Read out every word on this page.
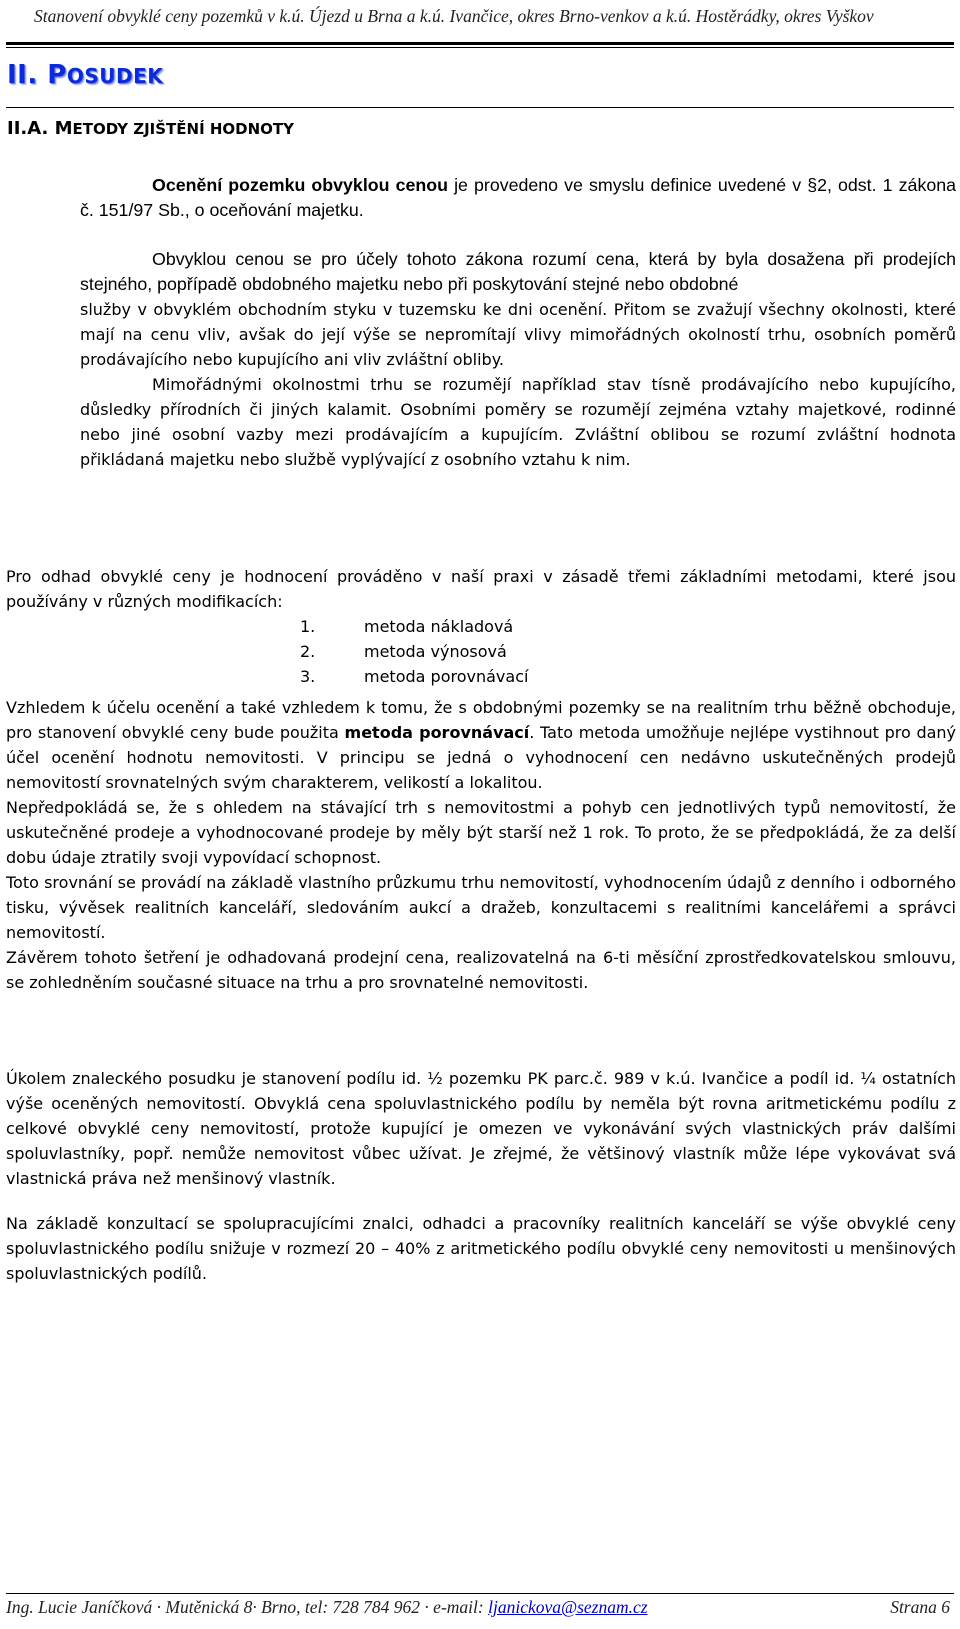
Stanovení obvyklé ceny pozemků v k.ú. Újezd u Brna a k.ú. Ivančice, okres Brno-venkov a k.ú. Hostěrádky, okres Vyškov
II. POSUDEK
II.A. METODY ZJIŠTĚNÍ HODNOTY

Ocenění pozemku obvyklou cenou je provedeno ve smyslu definice uvedené v §2, odst. 1 zákona č. 151/97 Sb., o oceňování majetku.

Obvyklou cenou se pro účely tohoto zákona rozumí cena, která by byla dosažena při prodejích stejného, popřípadě obdobného majetku nebo při poskytování stejné nebo obdobné

služby v obvyklém obchodním styku v tuzemsku ke dni ocenění. Přitom se zvažují všechny okolnosti, které mají na cenu vliv, avšak do její výše se nepromítají vlivy mimořádných okolností trhu, osobních poměrů prodávajícího nebo kupujícího ani vliv zvláštní obliby.

Mimořádnými okolnostmi trhu se rozumějí například stav tísně prodávajícího nebo kupujícího, důsledky přírodních či jiných kalamit. Osobními poměry se rozumějí zejména vztahy majetkové, rodinné nebo jiné osobní vazby mezi prodávajícím a kupujícím. Zvláštní oblibou se rozumí zvláštní hodnota přikládaná majetku nebo službě vyplývající z osobního vztahu k nim.

Pro odhad obvyklé ceny je hodnocení prováděno v naší praxi v zásadě třemi základními metodami, které jsou používány v různých modifikacích:

1.	metoda nákladová
2.	metoda výnosová
3.	metoda porovnávací

Vzhledem k účelu ocenění a také vzhledem k tomu, že s obdobnými pozemky se na realitním trhu běžně obchoduje, pro stanovení obvyklé ceny bude použita metoda porovnávací. Tato metoda umožňuje nejlépe vystihnout pro daný účel ocenění hodnotu nemovitosti. V principu se jedná o vyhodnocení cen nedávno uskutečněných prodejů nemovitostí srovnatelných svým charakterem, velikostí a lokalitou.

Nepředpokládá se, že s ohledem na stávající trh s nemovitostmi a pohyb cen jednotlivých typů nemovitostí, že uskutečněné prodeje a vyhodnocované prodeje by měly být starší než 1 rok. To proto, že se předpokládá, že za delší dobu údaje ztratily svoji vypovídací schopnost.

Toto srovnání se provádí na základě vlastního průzkumu trhu nemovitostí, vyhodnocením údajů z denního i odborného tisku, vývěsek realitních kanceláří, sledováním aukcí a dražeb, konzultacemi s realitními kancelářemi a správci nemovitostí.

Závěrem tohoto šetření je odhadovaná prodejní cena, realizovatelná na 6-ti měsíční zprostředkovatelskou smlouvu, se zohledněním současné situace na trhu a pro srovnatelné nemovitosti.

Úkolem znaleckého posudku je stanovení podílu id. ½ pozemku PK parc.č. 989 v k.ú. Ivančice a podíl id. ¼ ostatních výše oceněných nemovitostí. Obvyklá cena spoluvlastnického podílu by neměla být rovna aritmetickému podílu z celkové obvyklé ceny nemovitostí, protože kupující je omezen ve vykonávání svých vlastnických práv dalšími spoluvlastníky, popř. nemůže nemovitost vůbec užívat. Je zřejmé, že většinový vlastník může lépe vykovávat svá vlastnická práva než menšinový vlastník.

Na základě konzultací se spolupracujícími znalci, odhadci a pracovníky realitních kanceláří se výše obvyklé ceny spoluvlastnického podílu snižuje v rozmezí 20 – 40% z aritmetického podílu obvyklé ceny nemovitosti u menšinových spoluvlastnických podílů.

Ing. Lucie Janíčková · Mutěnická 8· Brno, tel: 728 784 962 · e-mail: ljanickova@seznam.cz	Strana 6
